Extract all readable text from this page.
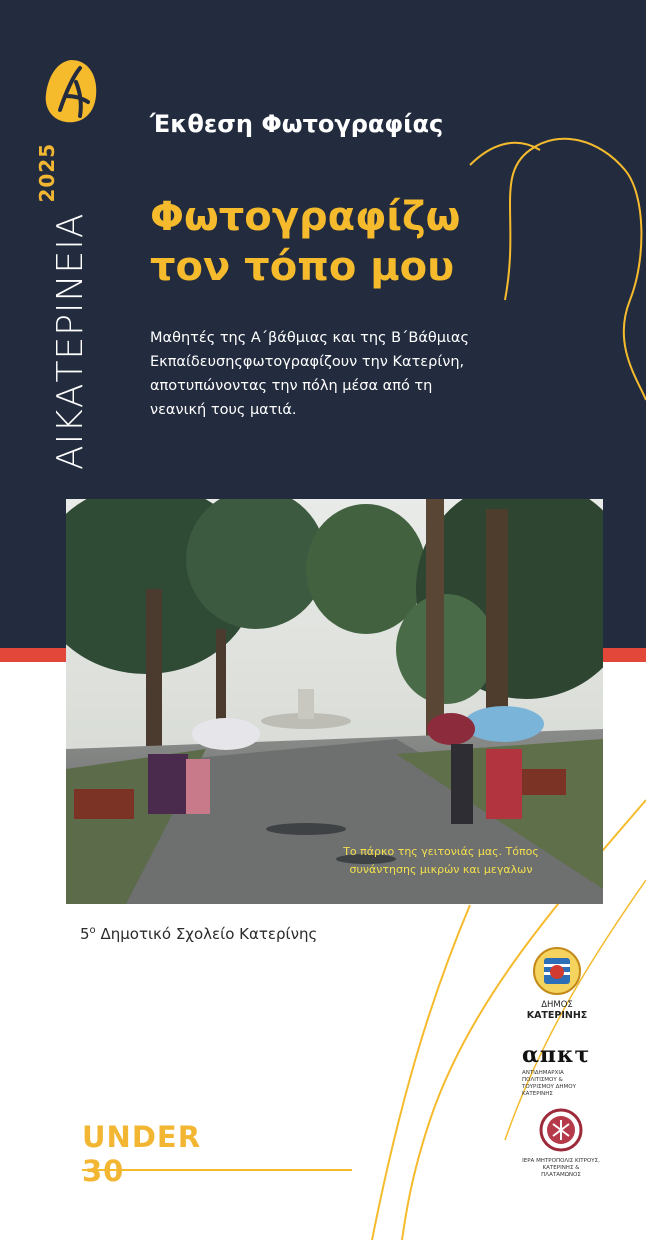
ΑΙΚΑΤΕΡΙΝΕΙΑ
2025
Έκθεση Φωτογραφίας
Φωτογραφίζω
τον τόπο μου
Μαθητές της Α΄βάθμιας και της Β΄Βάθμιας Εκπαίδευσηςφωτογραφίζουν την Κατερίνη, αποτυπώνοντας την πόλη μέσα από τη νεανική τους ματιά.
Το πάρκο της γειτονιάς μας. Τόπος
συνάντησης μικρών και μεγαλων
$5^o$ Δημοτικό Σχολείο Κατερίνης
UNDER
30
ΔΗΜΟΣ
ΚΑΤΕΡΙΝΗΣ
απκτ
ΑΝΤΙΔΗΜΑΡΧΙΑ ΠΟΛΙΤΙΣΜΟΥ & ΤΟΥΡΙΣΜΟΥ ΔΗΜΟΥ ΚΑΤΕΡΙΝΗΣ
ΙΕΡΑ ΜΗΤΡΟΠΟΛΙΣ ΚΙΤΡΟΥΣ, ΚΑΤΕΡΙΝΗΣ & ΠΛΑΤΑΜΩΝΟΣ
